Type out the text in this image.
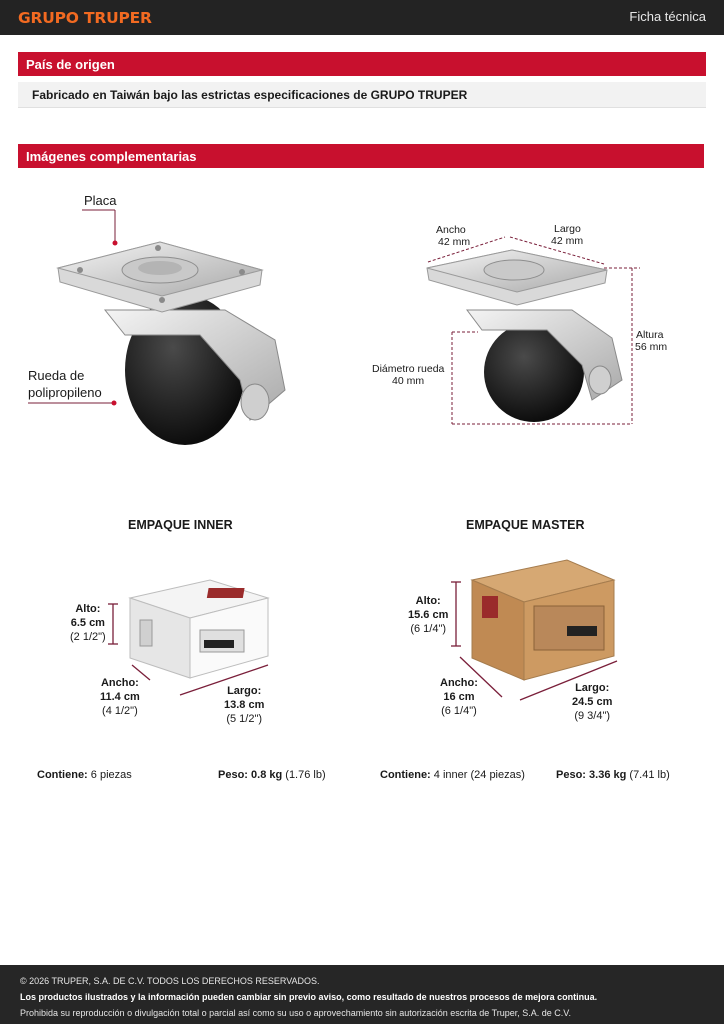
GRUPO TRUPER	Ficha técnica
País de origen
Fabricado en Taiwán bajo las estrictas especificaciones de GRUPO TRUPER
Imágenes complementarias
Placa
Rueda de
polipropileno
Ancho
42 mm
Largo
42 mm
Altura
56 mm
Diámetro rueda
40 mm
EMPAQUE INNER	EMPAQUE MASTER
Alto:
6.5 cm
(2 1/2")
Ancho:
11.4 cm
(4 1/2")
Largo:
13.8 cm
(5 1/2")
Alto:
15.6 cm
(6 1/4")
Ancho:
16 cm
(6 1/4")
Largo:
24.5 cm
(9 3/4")
Contiene: 6 piezas	Peso: 0.8 kg (1.76 lb)	Contiene: 4 inner (24 piezas)	Peso: 3.36 kg (7.41 lb)
© 2026 TRUPER, S.A. DE C.V. TODOS LOS DERECHOS RESERVADOS.
Los productos ilustrados y la información pueden cambiar sin previo aviso, como resultado de nuestros procesos de mejora continua.
Prohibida su reproducción o divulgación total o parcial así como su uso o aprovechamiento sin autorización escrita de Truper, S.A. de C.V.
